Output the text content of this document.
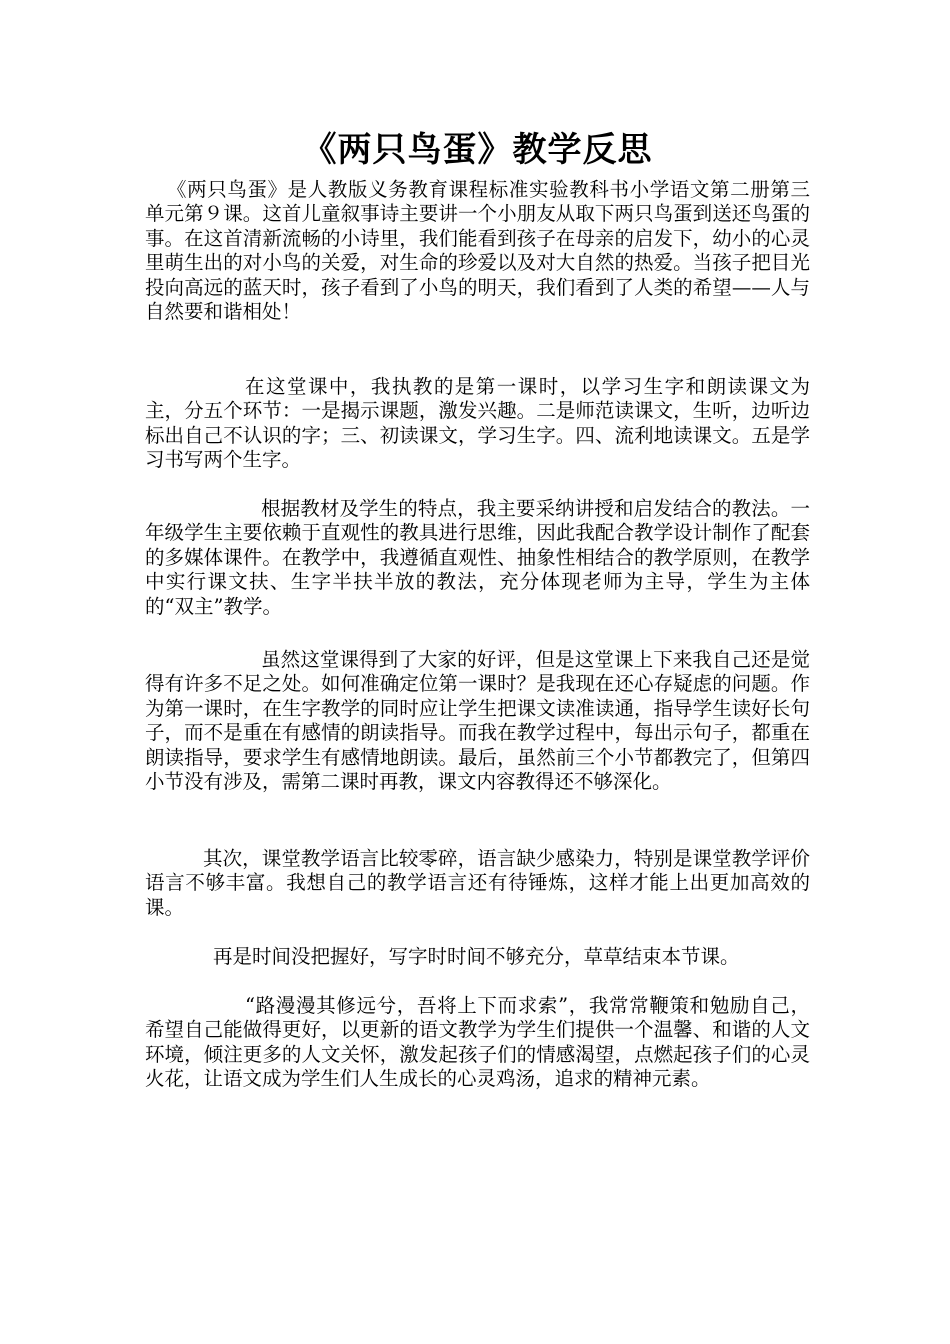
《两只鸟蛋》教学反思

《两只鸟蛋》是人教版义务教育课程标准实验教科书小学语文第二册第三单元第９课。这首儿童叙事诗主要讲一个小朋友从取下两只鸟蛋到送还鸟蛋的事。在这首清新流畅的小诗里，我们能看到孩子在母亲的启发下，幼小的心灵里萌生出的对小鸟的关爱，对生命的珍爱以及对大自然的热爱。当孩子把目光投向高远的蓝天时，孩子看到了小鸟的明天，我们看到了人类的希望——人与自然要和谐相处！

在这堂课中，我执教的是第一课时，以学习生字和朗读课文为主，分五个环节：一是揭示课题，激发兴趣。二是师范读课文，生听，边听边标出自己不认识的字；三、初读课文，学习生字。四、流利地读课文。五是学习书写两个生字。

根据教材及学生的特点，我主要采纳讲授和启发结合的教法。一年级学生主要依赖于直观性的教具进行思维，因此我配合教学设计制作了配套的多媒体课件。在教学中，我遵循直观性、抽象性相结合的教学原则，在教学中实行课文扶、生字半扶半放的教法，充分体现老师为主导，学生为主体的“双主”教学。

虽然这堂课得到了大家的好评，但是这堂课上下来我自己还是觉得有许多不足之处。如何准确定位第一课时？是我现在还心存疑虑的问题。作为第一课时，在生字教学的同时应让学生把课文读准读通，指导学生读好长句子，而不是重在有感情的朗读指导。而我在教学过程中，每出示句子，都重在朗读指导，要求学生有感情地朗读。最后，虽然前三个小节都教完了，但第四小节没有涉及，需第二课时再教，课文内容教得还不够深化。

其次，课堂教学语言比较零碎，语言缺少感染力，特别是课堂教学评价语言不够丰富。我想自己的教学语言还有待锤炼，这样才能上出更加高效的课。

再是时间没把握好，写字时时间不够充分，草草结束本节课。

“路漫漫其修远兮，吾将上下而求索”，我常常鞭策和勉励自己，希望自己能做得更好，以更新的语文教学为学生们提供一个温馨、和谐的人文环境，倾注更多的人文关怀，激发起孩子们的情感渴望，点燃起孩子们的心灵火花，让语文成为学生们人生成长的心灵鸡汤，追求的精神元素。
